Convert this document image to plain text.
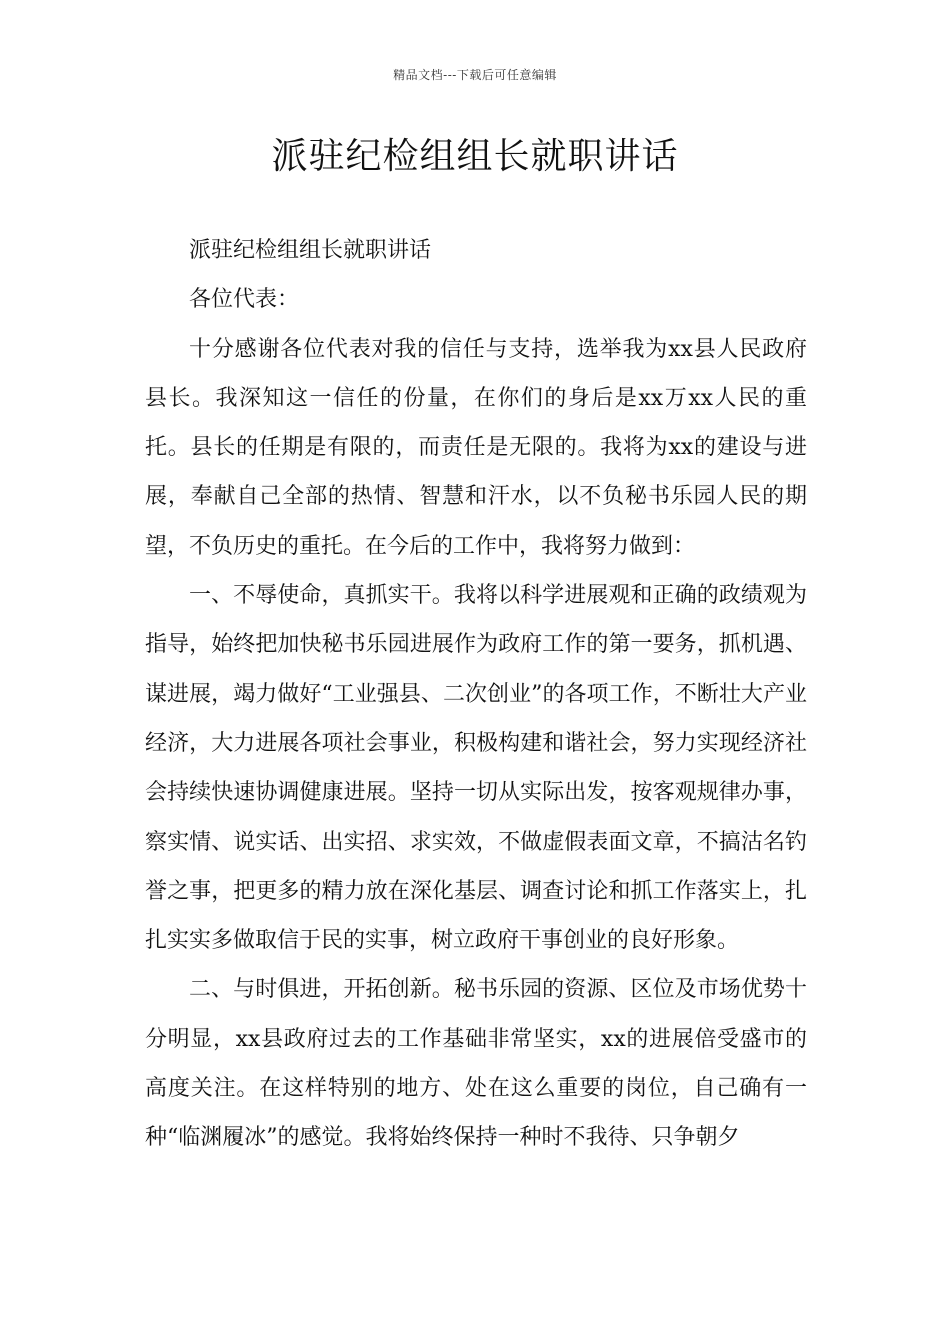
精品文档---下载后可任意编辑
派驻纪检组组长就职讲话

派驻纪检组组长就职讲话

各位代表：

十分感谢各位代表对我的信任与支持，选举我为xx县人民政府县长。我深知这一信任的份量，在你们的身后是xx万xx人民的重托。县长的任期是有限的，而责任是无限的。我将为xx的建设与进展，奉献自己全部的热情、智慧和汗水，以不负秘书乐园人民的期望，不负历史的重托。在今后的工作中，我将努力做到：

一、不辱使命，真抓实干。我将以科学进展观和正确的政绩观为指导，始终把加快秘书乐园进展作为政府工作的第一要务，抓机遇、谋进展，竭力做好“工业强县、二次创业”的各项工作，不断壮大产业经济，大力进展各项社会事业，积极构建和谐社会，努力实现经济社会持续快速协调健康进展。坚持一切从实际出发，按客观规律办事，察实情、说实话、出实招、求实效，不做虚假表面文章，不搞沽名钓誉之事，把更多的精力放在深化基层、调查讨论和抓工作落实上，扎扎实实多做取信于民的实事，树立政府干事创业的良好形象。

二、与时俱进，开拓创新。秘书乐园的资源、区位及市场优势十分明显，xx县政府过去的工作基础非常坚实，xx的进展倍受盛市的高度关注。在这样特别的地方、处在这么重要的岗位，自己确有一种“临渊履冰”的感觉。我将始终保持一种时不我待、只争朝夕
